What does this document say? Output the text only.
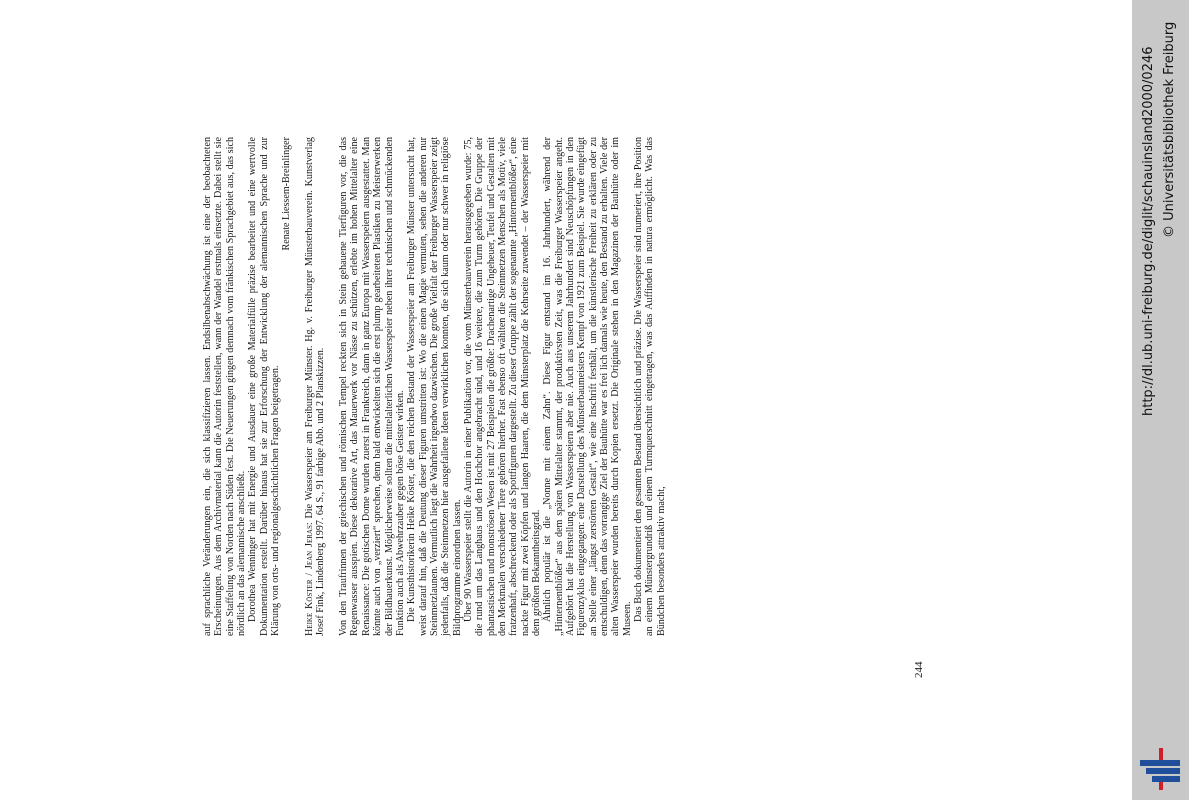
auf sprachliche Veränderungen ein, die sich klassifizieren lassen. Endsilbenabschwächung ist eine der beobachteten Erscheinungen. Aus dem Archivmaterial kann die Autorin feststellen, wann der Wandel erstmals einsetzte. Dabei stellt sie eine Staffelung von Norden nach Süden fest. Die Neuerungen gingen demnach vom fränkischen Sprachgebiet aus, das sich nördlich an das alemannische anschließt. Dorothea Wenninger hat mit Energie und Ausdauer eine große Materialfülle präzise bearbeitet und eine wertvolle Dokumentation erstellt. Darüber hinaus hat sie zur Erforschung der Entwicklung der alemannischen Sprache und zur Klärung von orts- und regionalgeschichtlichen Fragen beigetragen.

Renate Liessem-Breinlinger

Heike Köster / Jean Jeras: Die Wasserspeier am Freiburger Münster. Hg. v. Freiburger Münsterbauverein. Kunstverlag Josef Fink, Lindenberg 1997. 64 S., 91 farbige Abb. und 2 Planskizzen. Von den Traufrinnen der griechischen und römischen Tempel reckten sich in Stein gehauene Tierfiguren vor, die das Regenwasser ausspien. Diese dekorative Art, das Mauerwerk vor Nässe zu schützen, erlebte im hohen Mittelalter eine Renaissance: Die gotischen Dome wurden zuerst in Frankreich, dann in ganz Europa mit Wasserspeiern ausgestattet. Man könnte auch von „verziert“ sprechen, denn bald entwickelten sich die erst plump gearbeiteten Plastiken zu Meisterwerken der Bildhauerkunst. Möglicherweise sollten die mittelalterlichen Wasserspeier neben ihrer technischen und schmückenden Funktion auch als Abwehrzauber gegen böse Geister wirken. Die Kunsthistorikerin Heike Köster, die den reichen Bestand der Wasserspeier am Freiburger Münster untersucht hat, weist darauf hin, daß die Deutung dieser Figuren umstritten ist: Wo die einen Magie vermuten, sehen die anderen nur Steinmetzlaunen. Vermutlich liegt die Wahrheit irgendwo dazwischen. Die große Vielfalt der Freiburger Wasserspeier zeigt jedenfalls, daß die Steinmetzen hier ausgefallene Ideen verwirklichen konnten, die sich kaum oder nur schwer in religiöse Bildprogramme einordnen lassen. Über 90 Wasserspeier stellt die Autorin in einer Publikation vor, die vom Münsterbauverein herausgegeben wurde: 75, die rund um das Langhaus und den Hochchor angebracht sind, und 16 weitere, die zum Turm gehören. Die Gruppe der phantastischen und monströsen Wesen ist mit 27 Beispielen die größte: Drachenartige Ungeheuer, Teufel und Gestalten mit den Merkmalen verschiedener Tiere gehören hierher. Fast ebenso oft wählten die Steinmetzen Menschen als Motiv, viele fratzenhaft, abschreckend oder als Spottfiguren dargestellt. Zu dieser Gruppe zählt der sogenannte „Hinternentblößer“, eine nackte Figur mit zwei Köpfen und langen Haaren, die dem Münsterplatz die Kehrseite zuwendet – der Wasserspeier mit dem größten Bekanntheitsgrad. Ähnlich populär ist die „Nonne mit einem Zahn“. Diese Figur entstand im 16. Jahrhundert, während der „Hinternentblößer“ aus dem späten Mittelalter stammt, der produktivsten Zeit, was die Freiburger Wasserspeier angeht. Aufgehört hat die Herstellung von Wasserspeiern aber nie. Auch aus unserem Jahrhundert sind Neuschöpfungen in den Figurenzyklus eingegangen: eine Darstellung des Münsterbaumeisters Kempf von 1921 zum Beispiel. Sie wurde eingefügt an Stelle einer „längst zerstörten Gestalt“, wie eine Inschrift festhält, um die künstlerische Freiheit zu erklären oder zu entschuldigen, denn das vorrangige Ziel der Bauhütte war es frei lich damals wie heute, den Bestand zu erhalten. Viele der alten Wasserspeier wurden bereits durch Kopien ersetzt. Die Originale stehen in den Magazinen der Bauhütte oder im Museen. Das Buch dokumentiert den gesamten Bestand übersichtlich und präzise. Die Wasserspeier sind numeriert, ihre Position an einem Münstergrundriß und einem Turmquerschnitt eingetragen, was das Auffinden in natura ermöglicht. Was das Bündchen besonders attraktiv macht,

244
http://dl.ub.uni-freiburg.de/diglit/schauinsland2000/0246 © Universitätsbibliothek Freiburg
